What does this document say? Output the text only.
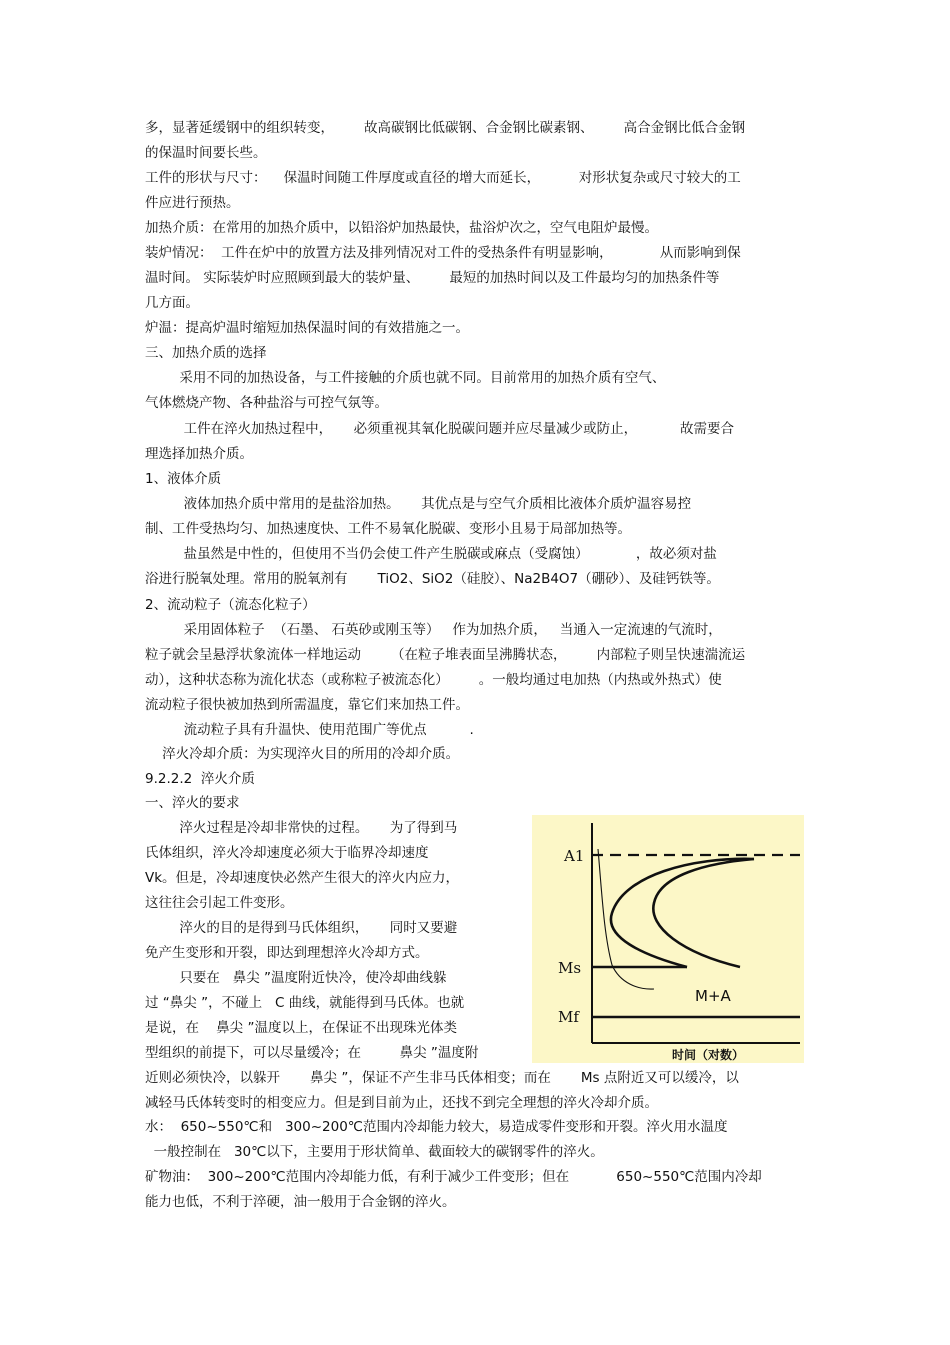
多，显著延缓钢中的组织转变，       故高碳钢比低碳钢、合金钢比碳素钢、       高合金钢比低合金钢
的保温时间要长些。
工件的形状与尺寸：    保温时间随工件厚度或直径的增大而延长，         对形状复杂或尺寸较大的工
件应进行预热。
加热介质：在常用的加热介质中，以铅浴炉加热最快，盐浴炉次之，空气电阻炉最慢。
装炉情况：  工件在炉中的放置方法及排列情况对工件的受热条件有明显影响，           从而影响到保
温时间。 实际装炉时应照顾到最大的装炉量、       最短的加热时间以及工件最均匀的加热条件等
几方面。
炉温：提高炉温时缩短加热保温时间的有效措施之一。
三、加热介质的选择
采用不同的加热设备，与工件接触的介质也就不同。目前常用的加热介质有空气、
气体燃烧产物、各种盐浴与可控气氛等。
工件在淬火加热过程中，     必须重视其氧化脱碳问题并应尽量减少或防止，          故需要合
理选择加热介质。
1、液体介质
液体加热介质中常用的是盐浴加热。     其优点是与空气介质相比液体介质炉温容易控
制、工件受热均匀、加热速度快、工件不易氧化脱碳、变形小且易于局部加热等。
盐虽然是中性的，但使用不当仍会使工件产生脱碳或麻点（受腐蚀）           ，故必须对盐
浴进行脱氧处理。常用的脱氧剂有       TiO2、SiO2（硅胶）、Na2B4O7（硼砂）、及硅钙铁等。
2、流动粒子（流态化粒子）
采用固体粒子  （石墨、 石英砂或刚玉等）   作为加热介质，   当通入一定流速的气流时，
粒子就会呈悬浮状象流体一样地运动       （在粒子堆表面呈沸腾状态，       内部粒子则呈快速湍流运
动），这种状态称为流化状态（或称粒子被流态化）       。一般均通过电加热（内热或外热式）使
流动粒子很快被加热到所需温度，靠它们来加热工件。
流动粒子具有升温快、使用范围广等优点          .
淬火冷却介质：为实现淬火目的所用的冷却介质。
9.2.2.2  淬火介质
一、淬火的要求
淬火过程是冷却非常快的过程。     为了得到马
氏体组织，淬火冷却速度必须大于临界冷却速度
Vk。但是，冷却速度快必然产生很大的淬火内应力，
这往往会引起工件变形。
淬火的目的是得到马氏体组织，     同时又要避
免产生变形和开裂，即达到理想淬火冷却方式。
只要在   鼻尖 ”温度附近快冷，使冷却曲线躲
过 “鼻尖 ”，不碰上   C 曲线，就能得到马氏体。也就
是说，在    鼻尖 ”温度以上，在保证不出现珠光体类
型组织的前提下，可以尽量缓冷；在         鼻尖 ”温度附
近则必须快冷，以躲开       鼻尖 ”，保证不产生非马氏体相变；而在       Ms 点附近又可以缓冷，以
减轻马氏体转变时的相变应力。但是到目前为止，还找不到完全理想的淬火冷却介质。
水：  650~550℃和   300~200℃范围内冷却能力较大，易造成零件变形和开裂。淬火用水温度
一般控制在   30℃以下，主要用于形状简单、截面较大的碳钢零件的淬火。
矿物油：  300~200℃范围内冷却能力低，有利于减少工件变形；但在           650~550℃范围内冷却
能力也低，不利于淬硬，油一般用于合金钢的淬火。
A1
Ms
Mf
M+A
时间（对数）
